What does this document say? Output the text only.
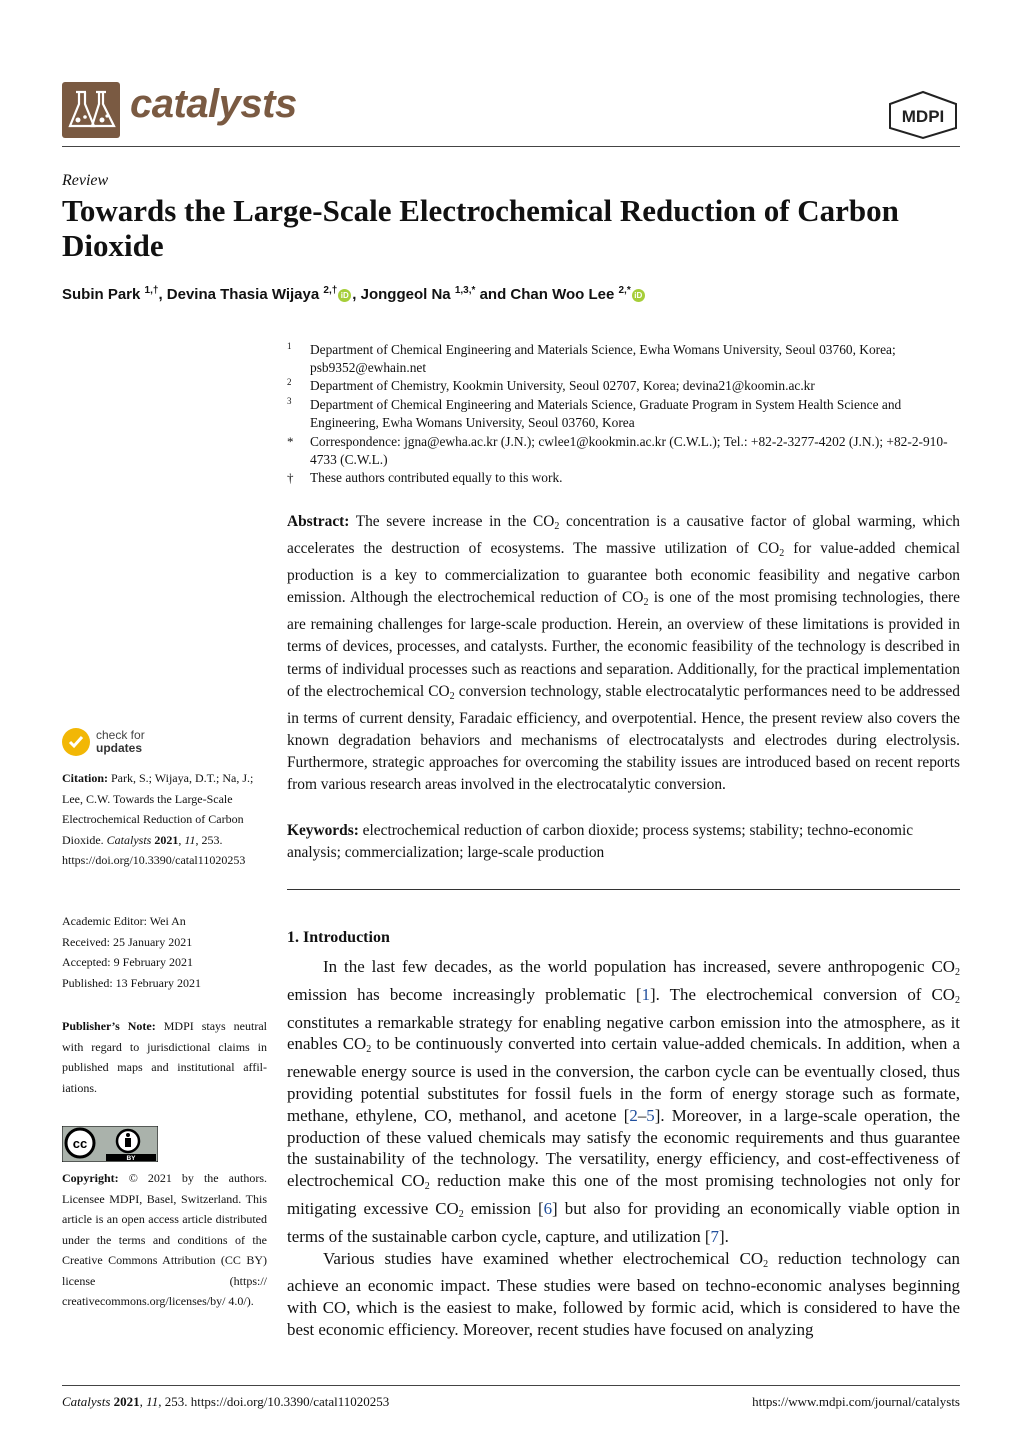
catalysts	MDPI
Review
Towards the Large-Scale Electrochemical Reduction of Carbon Dioxide
Subin Park $^{1,\dagger}$, Devina Thasia Wijaya $^{2,\dagger}$ iD , Jonggeol Na $^{1,3,*}$ and Chan Woo Lee $^{2,*}$ iD
1 Department of Chemical Engineering and Materials Science, Ewha Womans University, Seoul 03760, Korea; psb9352@ewhain.net
2 Department of Chemistry, Kookmin University, Seoul 02707, Korea; devina21@koomin.ac.kr
3 Department of Chemical Engineering and Materials Science, Graduate Program in System Health Science and Engineering, Ewha Womans University, Seoul 03760, Korea
* Correspondence: jgna@ewha.ac.kr (J.N.); cwlee1@kookmin.ac.kr (C.W.L.); Tel.: +82-2-3277-4202 (J.N.); +82-2-910-4733 (C.W.L.)
† These authors contributed equally to this work.
Abstract: The severe increase in the $CO_2$ concentration is a causative factor of global warming, which accelerates the destruction of ecosystems. The massive utilization of $CO_2$ for value-added chemical production is a key to commercialization to guarantee both economic feasibility and negative carbon emission. Although the electrochemical reduction of $CO_2$ is one of the most promising technologies, there are remaining challenges for large-scale production. Herein, an overview of these limitations is provided in terms of devices, processes, and catalysts. Further, the economic feasibility of the technology is described in terms of individual processes such as reactions and separation. Additionally, for the practical implementation of the electrochemical $CO_2$ conversion technology, stable electrocatalytic performances need to be addressed in terms of current density, Faradaic efficiency, and overpotential. Hence, the present review also covers the known degradation behaviors and mechanisms of electrocatalysts and electrodes during electrolysis. Furthermore, strategic approaches for overcoming the stability issues are introduced based on recent reports from various research areas involved in the electrocatalytic conversion.
Keywords: electrochemical reduction of carbon dioxide; process systems; stability; techno-economic analysis; commercialization; large-scale production
1. Introduction

In the last few decades, as the world population has increased, severe anthropogenic $CO_2$ emission has become increasingly problematic [1]. The electrochemical conversion of $CO_2$ constitutes a remarkable strategy for enabling negative carbon emission into the atmosphere, as it enables $CO_2$ to be continuously converted into certain value-added chemicals. In addition, when a renewable energy source is used in the conversion, the carbon cycle can be eventually closed, thus providing potential substitutes for fossil fuels in the form of energy storage such as formate, methane, ethylene, CO, methanol, and acetone [2–5]. Moreover, in a large-scale operation, the production of these valued chemicals may satisfy the economic requirements and thus guarantee the sustainability of the technology. The versatility, energy efficiency, and cost-effectiveness of electrochemical $CO_2$ reduction make this one of the most promising technologies not only for mitigating excessive $CO_2$ emission [6] but also for providing an economically viable option in terms of the sustainable carbon cycle, capture, and utilization [7].

Various studies have examined whether electrochemical $CO_2$ reduction technology can achieve an economic impact. These studies were based on techno-economic analyses beginning with CO, which is the easiest to make, followed by formic acid, which is considered to have the best economic efficiency. Moreover, recent studies have focused on analyzing

check for
updates
Citation: Park, S.; Wijaya, D.T.; Na, J.; Lee, C.W. Towards the Large-Scale Electrochemical Reduction of Carbon Dioxide. Catalysts 2021, 11, 253. https://doi.org/10.3390/catal11020253
Academic Editor: Wei An
Received: 25 January 2021
Accepted: 9 February 2021
Published: 13 February 2021
Publisher’s Note: MDPI stays neutral with regard to jurisdictional claims in published maps and institutional affiliations.
cc
BY
Copyright: © 2021 by the authors. Licensee MDPI, Basel, Switzerland. This article is an open access article distributed under the terms and conditions of the Creative Commons Attribution (CC BY) license (https:// creativecommons.org/licenses/by/ 4.0/).
Catalysts 2021, 11, 253. https://doi.org/10.3390/catal11020253	https://www.mdpi.com/journal/catalysts
